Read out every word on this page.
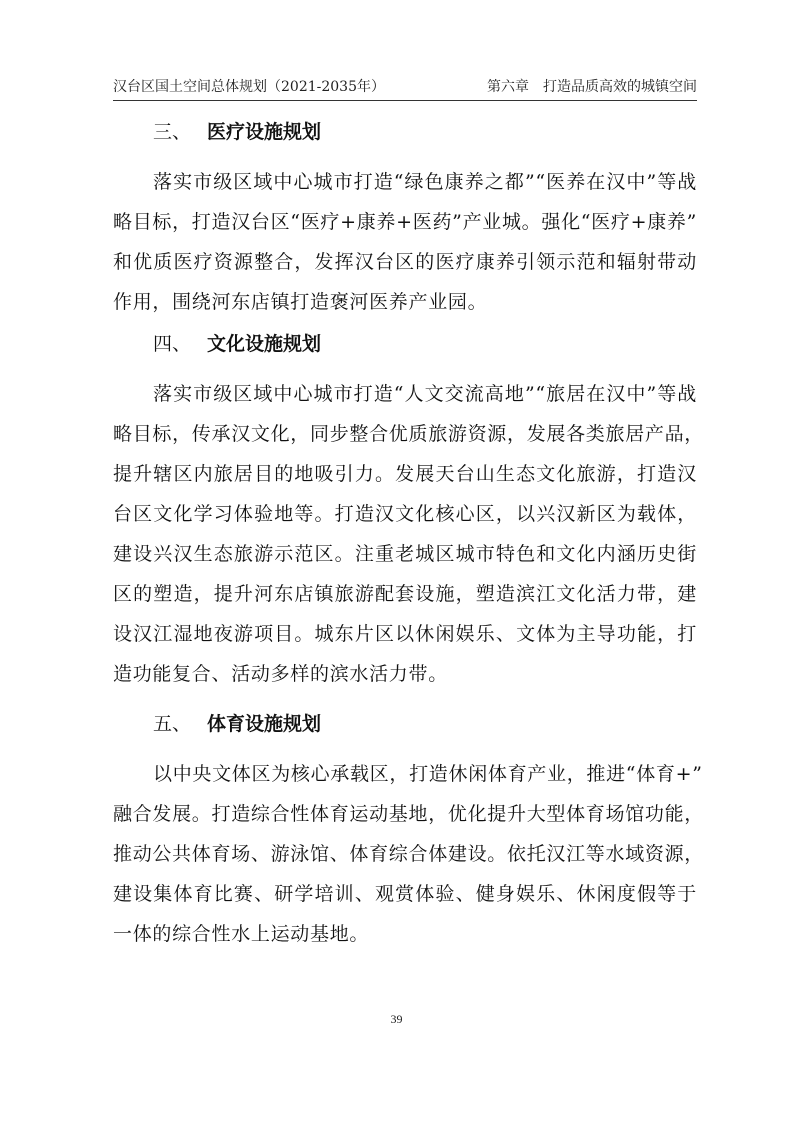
汉台区国土空间总体规划（2021-2035年）	第六章　打造品质高效的城镇空间
三、 医疗设施规划

落实市级区域中心城市打造“绿色康养之都”“医养在汉中”等战
略目标，打造汉台区“医疗+康养+医药”产业城。强化“医疗+康养”
和优质医疗资源整合，发挥汉台区的医疗康养引领示范和辐射带动
作用，围绕河东店镇打造褒河医养产业园。

四、 文化设施规划

落实市级区域中心城市打造“人文交流高地”“旅居在汉中”等战
略目标，传承汉文化，同步整合优质旅游资源，发展各类旅居产品，
提升辖区内旅居目的地吸引力。发展天台山生态文化旅游，打造汉
台区文化学习体验地等。打造汉文化核心区，以兴汉新区为载体，
建设兴汉生态旅游示范区。注重老城区城市特色和文化内涵历史街
区的塑造，提升河东店镇旅游配套设施，塑造滨江文化活力带，建
设汉江湿地夜游项目。城东片区以休闲娱乐、文体为主导功能，打
造功能复合、活动多样的滨水活力带。

五、 体育设施规划

以中央文体区为核心承载区，打造休闲体育产业，推进“体育+”
融合发展。打造综合性体育运动基地，优化提升大型体育场馆功能，
推动公共体育场、游泳馆、体育综合体建设。依托汉江等水域资源，
建设集体育比赛、研学培训、观赏体验、健身娱乐、休闲度假等于
一体的综合性水上运动基地。

39
